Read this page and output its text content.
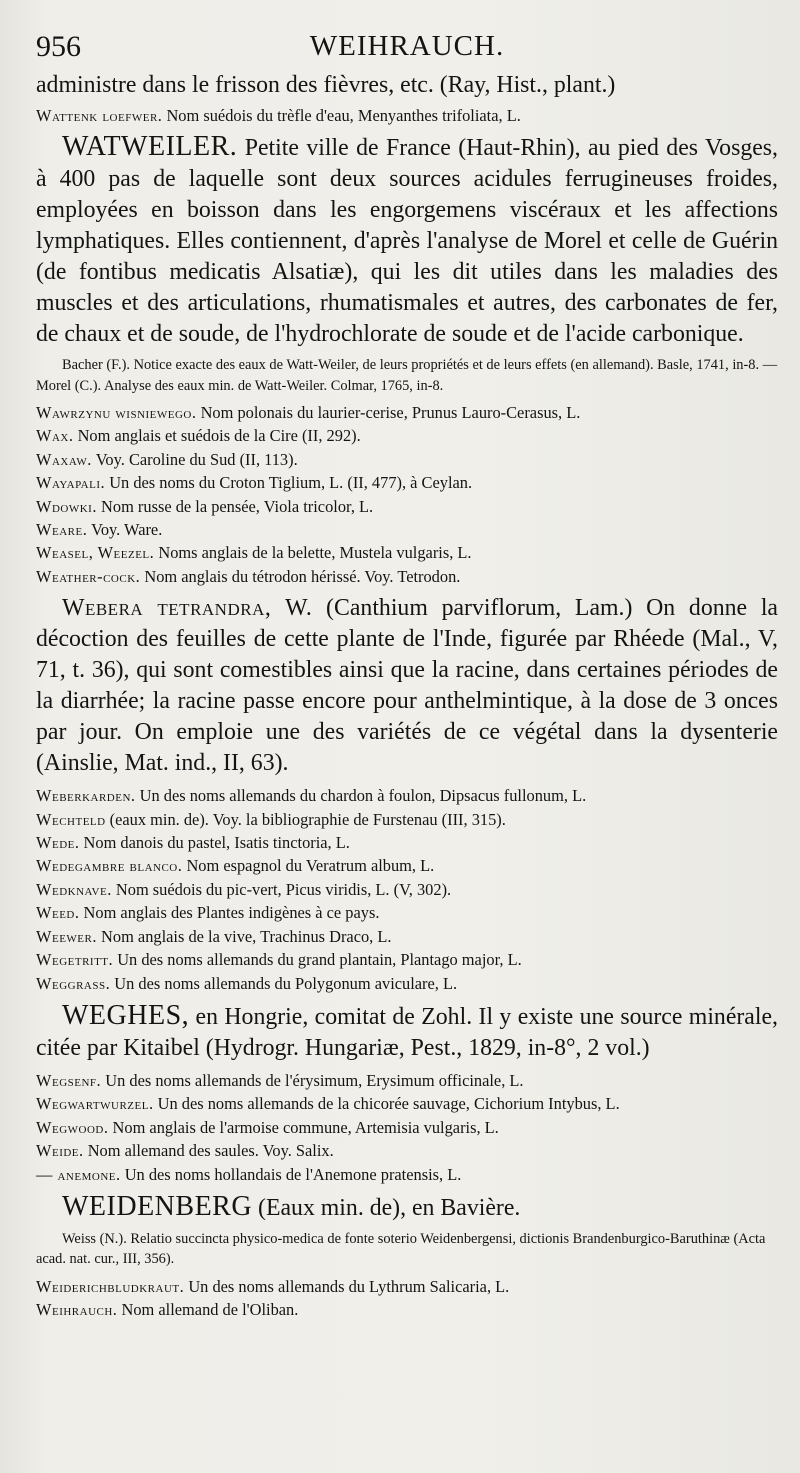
956	WEIHRAUCH.

administre dans le frisson des fièvres, etc. (Ray, Hist., plant.)

Wattenk loefwer. Nom suédois du trèfle d'eau, Menyanthes trifoliata, L.

WATWEILER. Petite ville de France (Haut-Rhin), au pied des Vosges, à 400 pas de laquelle sont deux sources acidules ferrugineuses froides, employées en boisson dans les engorgemens viscéraux et les affections lymphatiques. Elles contiennent, d'après l'analyse de Morel et celle de Guérin (de fontibus medicatis Alsatiæ), qui les dit utiles dans les maladies des muscles et des articulations, rhumatismales et autres, des carbonates de fer, de chaux et de soude, de l'hydrochlorate de soude et de l'acide carbonique.

Bacher (F.). Notice exacte des eaux de Watt-Weiler, de leurs propriétés et de leurs effets (en allemand). Basle, 1741, in-8. — Morel (C.). Analyse des eaux min. de Watt-Weiler. Colmar, 1765, in-8.

Wawrzynu wisniewego. Nom polonais du laurier-cerise, Prunus Lauro-Cerasus, L.

Wax. Nom anglais et suédois de la Cire (II, 292).

Waxaw. Voy. Caroline du Sud (II, 113).

Wayapali. Un des noms du Croton Tiglium, L. (II, 477), à Ceylan.

Wdowki. Nom russe de la pensée, Viola tricolor, L.

Weare. Voy. Ware.

Weasel, Weezel. Noms anglais de la belette, Mustela vulgaris, L.

Weather-cock. Nom anglais du tétrodon hérissé. Voy. Tetrodon.

Webera tetrandra, W. (Canthium parviflorum, Lam.) On donne la décoction des feuilles de cette plante de l'Inde, figurée par Rhéede (Mal., V, 71, t. 36), qui sont comestibles ainsi que la racine, dans certaines périodes de la diarrhée; la racine passe encore pour anthelmintique, à la dose de 3 onces par jour. On emploie une des variétés de ce végétal dans la dysenterie (Ainslie, Mat. ind., II, 63).

Weberkarden. Un des noms allemands du chardon à foulon, Dipsacus fullonum, L.

Wechteld (eaux min. de). Voy. la bibliographie de Furstenau (III, 315).

Wede. Nom danois du pastel, Isatis tinctoria, L.

Wedegambre blanco. Nom espagnol du Veratrum album, L.

Wedknave. Nom suédois du pic-vert, Picus viridis, L. (V, 302).

Weed. Nom anglais des Plantes indigènes à ce pays.

Weewer. Nom anglais de la vive, Trachinus Draco, L.

Wegetritt. Un des noms allemands du grand plantain, Plantago major, L.

Weggrass. Un des noms allemands du Polygonum aviculare, L.

WEGHES, en Hongrie, comitat de Zohl. Il y existe une source minérale, citée par Kitaibel (Hydrogr. Hungariæ, Pest., 1829, in-8°, 2 vol.)

Wegsenf. Un des noms allemands de l'érysimum, Erysimum officinale, L.

Wegwartwurzel. Un des noms allemands de la chicorée sauvage, Cichorium Intybus, L.

Wegwood. Nom anglais de l'armoise commune, Artemisia vulgaris, L.

Weide. Nom allemand des saules. Voy. Salix.

— anemone. Un des noms hollandais de l'Anemone pratensis, L.

WEIDENBERG (Eaux min. de), en Bavière.

Weiss (N.). Relatio succincta physico-medica de fonte soterio Weidenbergensi, dictionis Brandenburgico-Baruthinæ (Acta acad. nat. cur., III, 356).

Weiderichbludkraut. Un des noms allemands du Lythrum Salicaria, L.

Weihrauch. Nom allemand de l'Oliban.
